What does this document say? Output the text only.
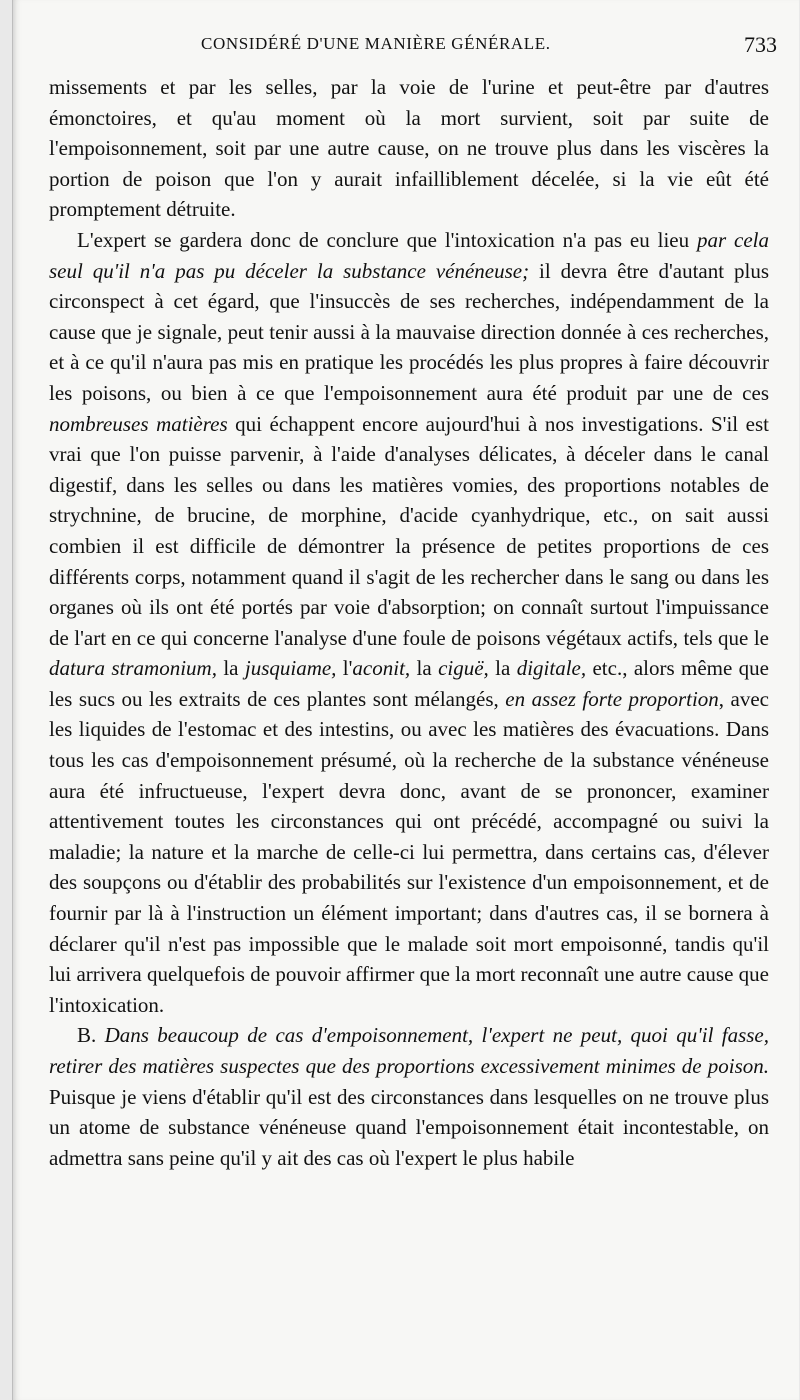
CONSIDÉRÉ D'UNE MANIÈRE GÉNÉRALE.	733

missements et par les selles, par la voie de l'urine et peut-être par d'autres émonctoires, et qu'au moment où la mort survient, soit par suite de l'empoisonnement, soit par une autre cause, on ne trouve plus dans les viscères la portion de poison que l'on y aurait infailliblement décelée, si la vie eût été promptement détruite.

L'expert se gardera donc de conclure que l'intoxication n'a pas eu lieu par cela seul qu'il n'a pas pu déceler la substance vénéneuse; il devra être d'autant plus circonspect à cet égard, que l'insuccès de ses recherches, indépendamment de la cause que je signale, peut tenir aussi à la mauvaise direction donnée à ces recherches, et à ce qu'il n'aura pas mis en pratique les procédés les plus propres à faire découvrir les poisons, ou bien à ce que l'empoisonnement aura été produit par une de ces nombreuses matières qui échappent encore aujourd'hui à nos investigations. S'il est vrai que l'on puisse parvenir, à l'aide d'analyses délicates, à déceler dans le canal digestif, dans les selles ou dans les matières vomies, des proportions notables de strychnine, de brucine, de morphine, d'acide cyanhydrique, etc., on sait aussi combien il est difficile de démontrer la présence de petites proportions de ces différents corps, notamment quand il s'agit de les rechercher dans le sang ou dans les organes où ils ont été portés par voie d'absorption; on connaît surtout l'impuissance de l'art en ce qui concerne l'analyse d'une foule de poisons végétaux actifs, tels que le datura stramonium, la jusquiame, l'aconit, la ciguë, la digitale, etc., alors même que les sucs ou les extraits de ces plantes sont mélangés, en assez forte proportion, avec les liquides de l'estomac et des intestins, ou avec les matières des évacuations. Dans tous les cas d'empoisonnement présumé, où la recherche de la substance vénéneuse aura été infructueuse, l'expert devra donc, avant de se prononcer, examiner attentivement toutes les circonstances qui ont précédé, accompagné ou suivi la maladie; la nature et la marche de celle-ci lui permettra, dans certains cas, d'élever des soupçons ou d'établir des probabilités sur l'existence d'un empoisonnement, et de fournir par là à l'instruction un élément important; dans d'autres cas, il se bornera à déclarer qu'il n'est pas impossible que le malade soit mort empoisonné, tandis qu'il lui arrivera quelquefois de pouvoir affirmer que la mort reconnaît une autre cause que l'intoxication.

B. Dans beaucoup de cas d'empoisonnement, l'expert ne peut, quoi qu'il fasse, retirer des matières suspectes que des proportions excessivement minimes de poison. Puisque je viens d'établir qu'il est des circonstances dans lesquelles on ne trouve plus un atome de substance vénéneuse quand l'empoisonnement était incontestable, on admettra sans peine qu'il y ait des cas où l'expert le plus habile
